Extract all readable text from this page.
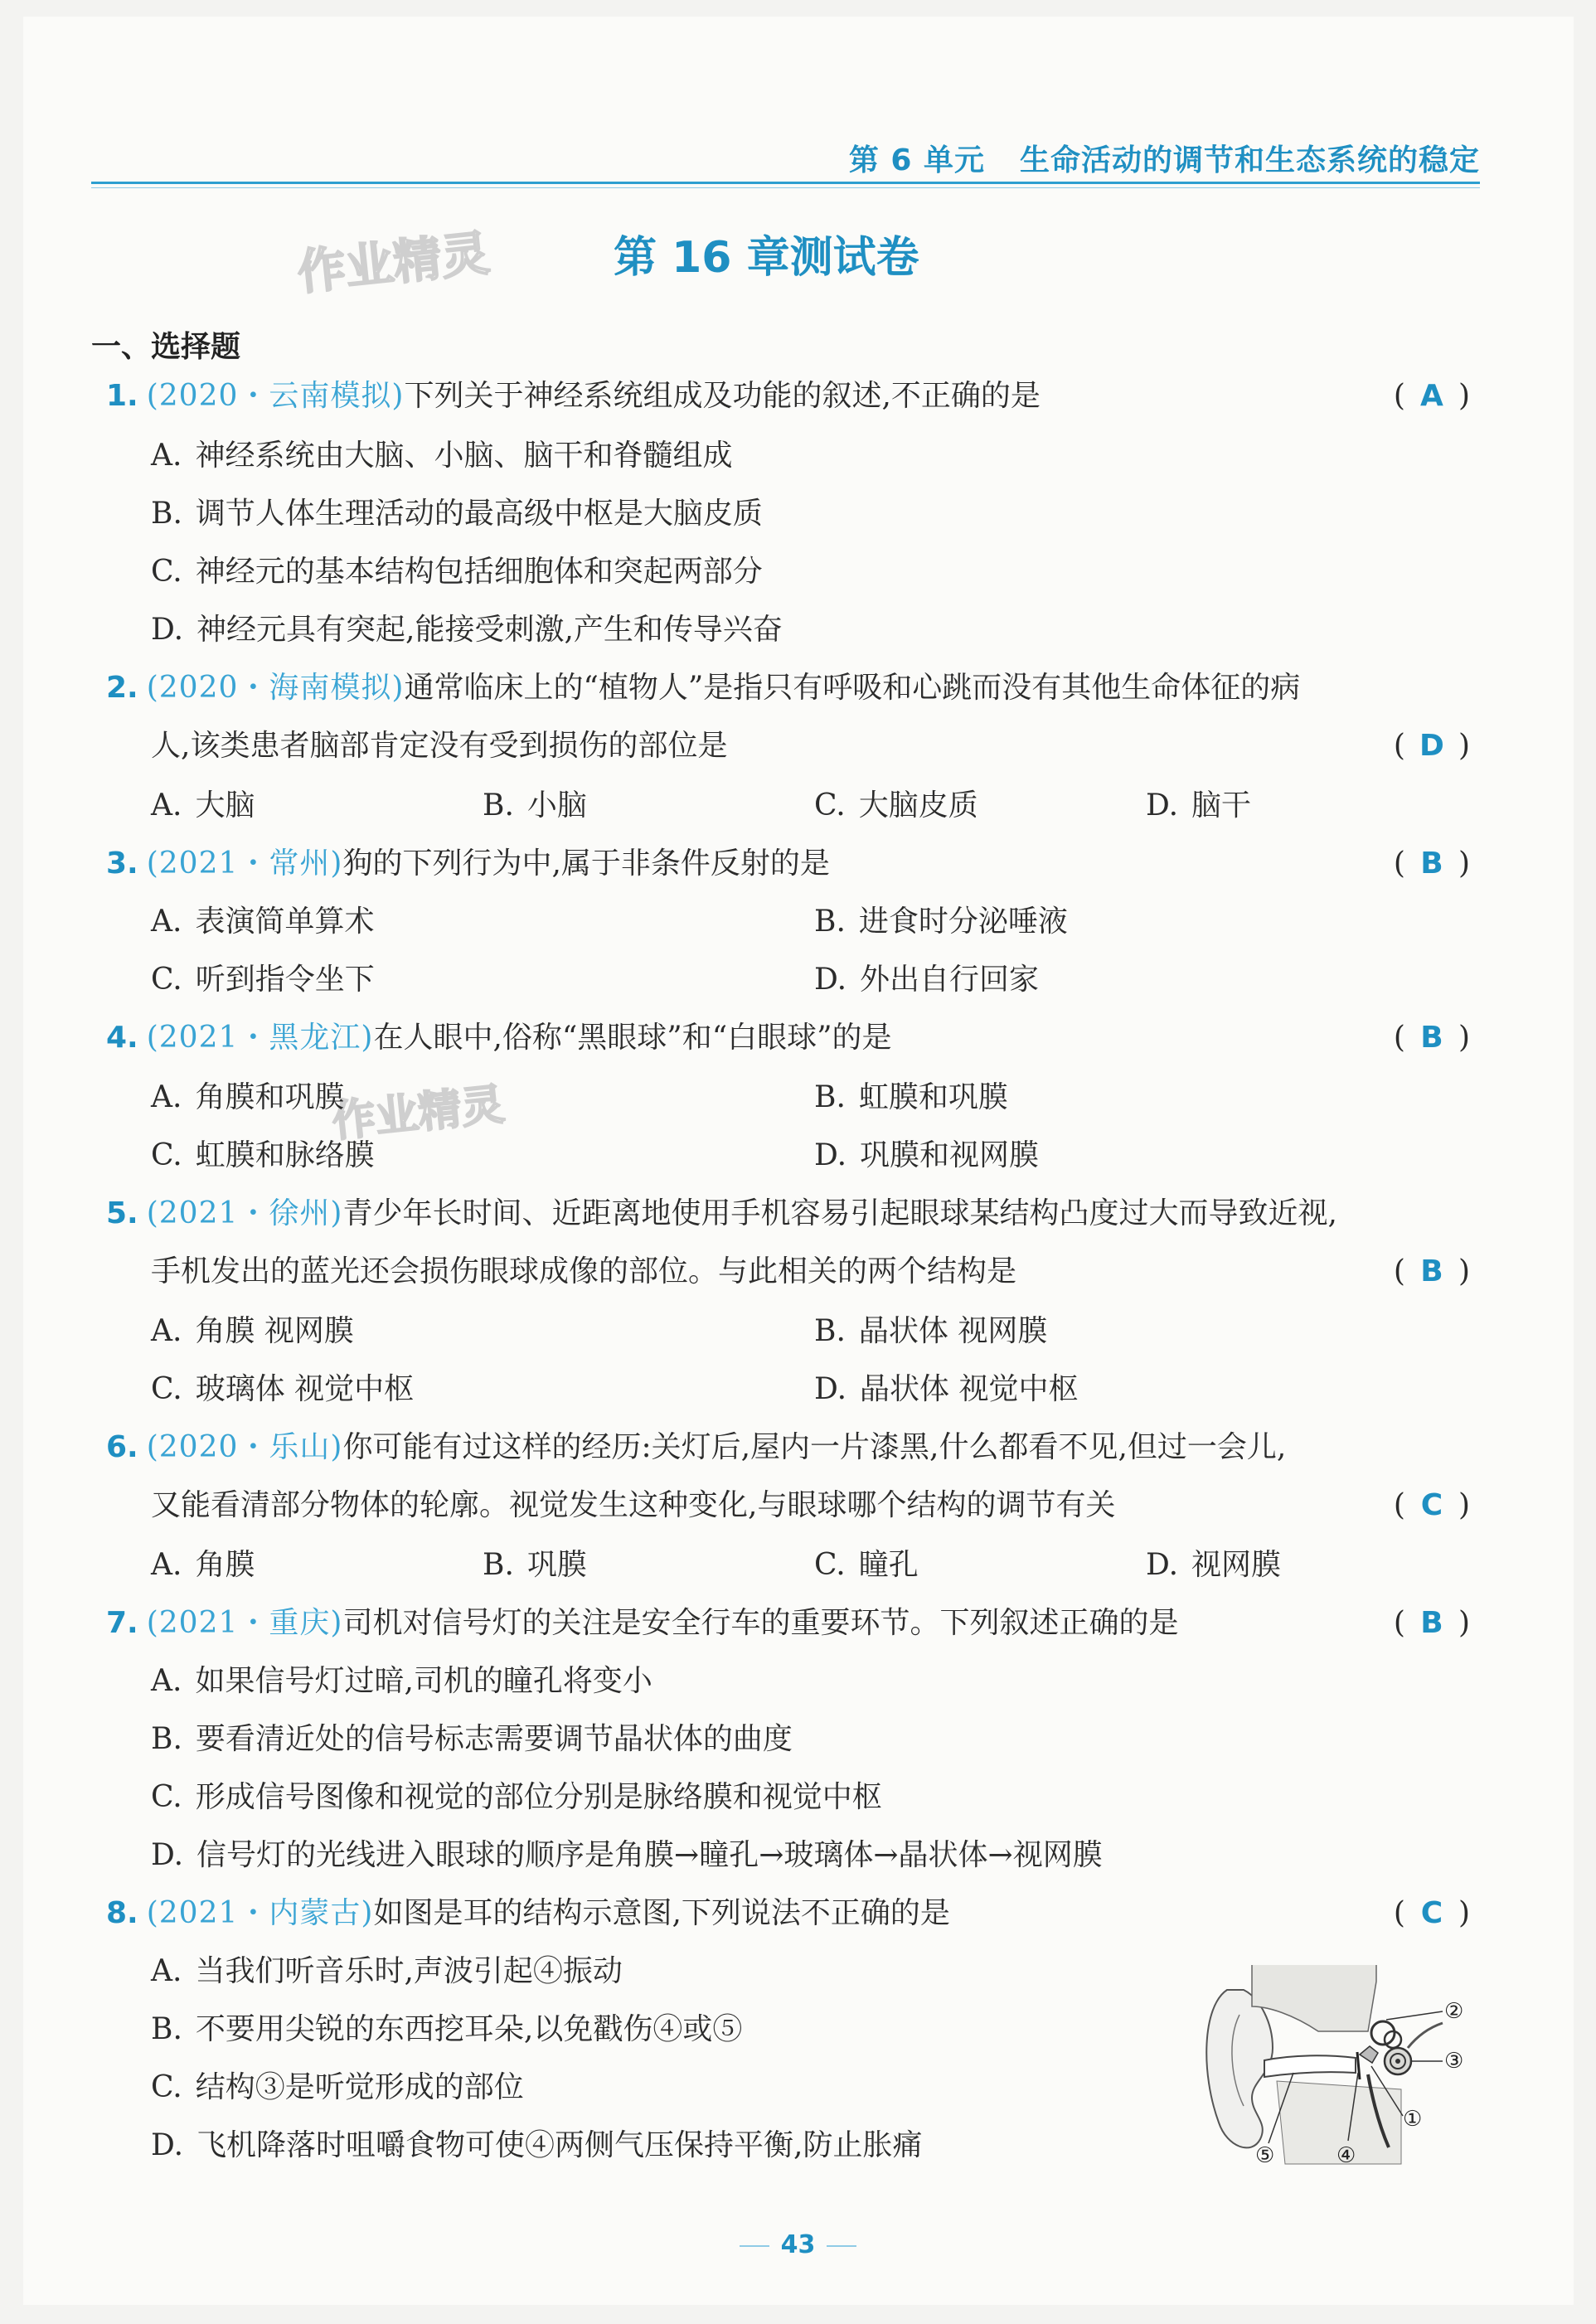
第 6 单元 生命活动的调节和生态系统的稳定
作业精灵
作业精灵
第 16 章测试卷
一、选择题
1. (2020・云南模拟)下列关于神经系统组成及功能的叙述,不正确的是	( A )
A. 神经系统由大脑、小脑、脑干和脊髓组成
B. 调节人体生理活动的最高级中枢是大脑皮质
C. 神经元的基本结构包括细胞体和突起两部分
D. 神经元具有突起,能接受刺激,产生和传导兴奋
2. (2020・海南模拟)通常临床上的“植物人”是指只有呼吸和心跳而没有其他生命体征的病
人,该类患者脑部肯定没有受到损伤的部位是	( D )
A. 大脑	B. 小脑	C. 大脑皮质	D. 脑干
3. (2021・常州)狗的下列行为中,属于非条件反射的是	( B )
A. 表演简单算术	B. 进食时分泌唾液
C. 听到指令坐下	D. 外出自行回家
4. (2021・黑龙江)在人眼中,俗称“黑眼球”和“白眼球”的是	( B )
A. 角膜和巩膜	B. 虹膜和巩膜
C. 虹膜和脉络膜	D. 巩膜和视网膜
5. (2021・徐州)青少年长时间、近距离地使用手机容易引起眼球某结构凸度过大而导致近视,
手机发出的蓝光还会损伤眼球成像的部位。与此相关的两个结构是	( B )
A. 角膜 视网膜	B. 晶状体 视网膜
C. 玻璃体 视觉中枢	D. 晶状体 视觉中枢
6. (2020・乐山)你可能有过这样的经历:关灯后,屋内一片漆黑,什么都看不见,但过一会儿,
又能看清部分物体的轮廓。视觉发生这种变化,与眼球哪个结构的调节有关	( C )
A. 角膜	B. 巩膜	C. 瞳孔	D. 视网膜
7. (2021・重庆)司机对信号灯的关注是安全行车的重要环节。下列叙述正确的是	( B )
A. 如果信号灯过暗,司机的瞳孔将变小
B. 要看清近处的信号标志需要调节晶状体的曲度
C. 形成信号图像和视觉的部位分别是脉络膜和视觉中枢
D. 信号灯的光线进入眼球的顺序是角膜→瞳孔→玻璃体→晶状体→视网膜
8. (2021・内蒙古)如图是耳的结构示意图,下列说法不正确的是	( C )
A. 当我们听音乐时,声波引起④振动
B. 不要用尖锐的东西挖耳朵,以免戳伤④或⑤
C. 结构③是听觉形成的部位
D. 飞机降落时咀嚼食物可使④两侧气压保持平衡,防止胀痛
②
③
①
⑤	④
43
